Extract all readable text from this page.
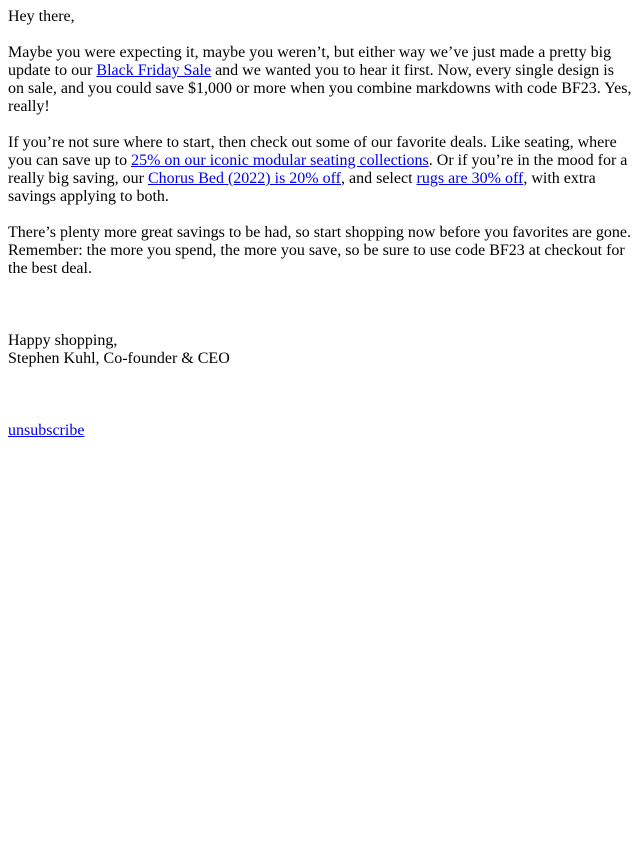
Hey there,

Maybe you were expecting it, maybe you weren’t, but either way we’ve just made a pretty big update to our Black Friday Sale and we wanted you to hear it first. Now, every single design is on sale, and you could save $1,000 or more when you combine markdowns with code BF23. Yes, really!

If you’re not sure where to start, then check out some of our favorite deals. Like seating, where you can save up to 25% on our iconic modular seating collections. Or if you’re in the mood for a really big saving, our Chorus Bed (2022) is 20% off, and select rugs are 30% off, with extra savings applying to both.

There’s plenty more great savings to be had, so start shopping now before you favorites are gone. Remember: the more you spend, the more you save, so be sure to use code BF23 at checkout for the best deal.

Happy shopping,
Stephen Kuhl, Co-founder & CEO

unsubscribe
